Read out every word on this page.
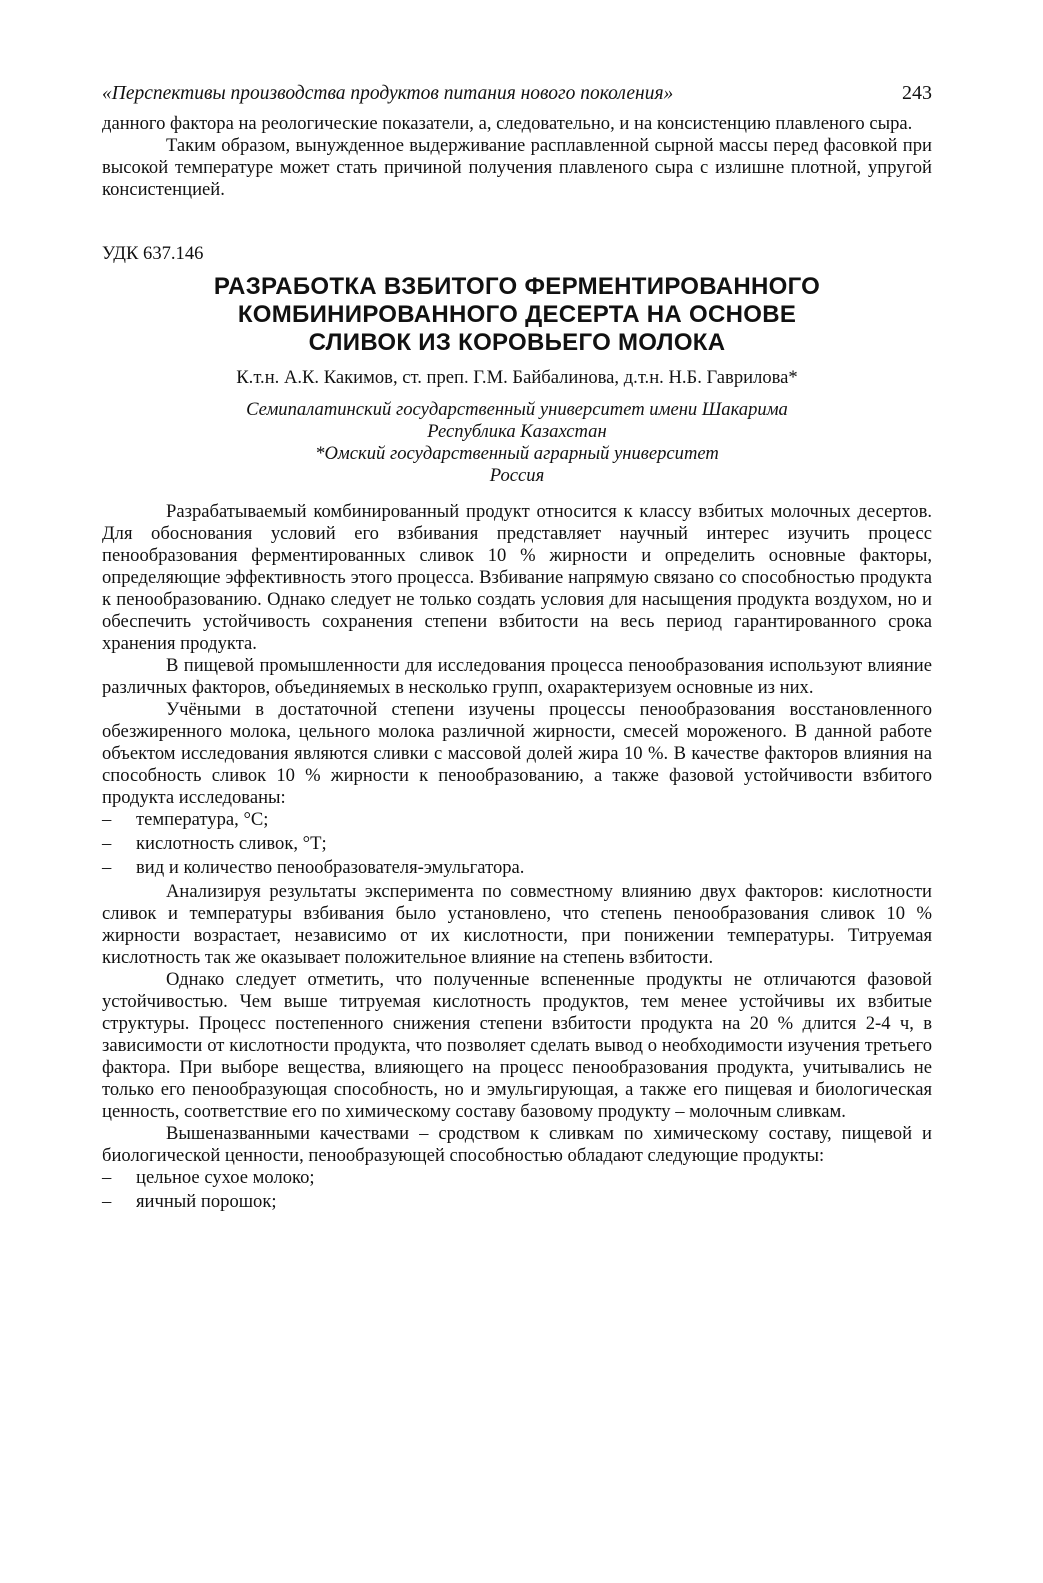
«Перспективы производства продуктов питания нового поколения»	243

данного фактора на реологические показатели, а, следовательно, и на консистенцию плавленого сыра.

Таким образом, вынужденное выдерживание расплавленной сырной массы перед фасовкой при высокой температуре может стать причиной получения плавленого сыра с излишне плотной, упругой консистенцией.

УДК 637.146
РАЗРАБОТКА ВЗБИТОГО ФЕРМЕНТИРОВАННОГО
КОМБИНИРОВАННОГО ДЕСЕРТА НА ОСНОВЕ
СЛИВОК ИЗ КОРОВЬЕГО МОЛОКА
К.т.н. А.К. Какимов, ст. преп. Г.М. Байбалинова, д.т.н. Н.Б. Гаврилова*
Семипалатинский государственный университет имени Шакарима
Республика Казахстан
*Омский государственный аграрный университет
Россия

Разрабатываемый комбинированный продукт относится к классу взбитых молочных десертов. Для обоснования условий его взбивания представляет научный интерес изучить процесс пенообразования ферментированных сливок 10 % жирности и определить основные факторы, определяющие эффективность этого процесса. Взбивание напрямую связано со способностью продукта к пенообразованию. Однако следует не только создать условия для насыщения продукта воздухом, но и обеспечить устойчивость сохранения степени взбитости на весь период гарантированного срока хранения продукта.

В пищевой промышленности для исследования процесса пенообразования используют влияние различных факторов, объединяемых в несколько групп, охарактеризуем основные из них.

Учёными в достаточной степени изучены процессы пенообразования восстановленного обезжиренного молока, цельного молока различной жирности, смесей мороженого. В данной работе объектом исследования являются сливки с массовой долей жира 10 %. В качестве факторов влияния на способность сливок 10 % жирности к пенообразованию, а также фазовой устойчивости взбитого продукта исследованы:

–	температура, °С;
–	кислотность сливок, °Т;
–	вид и количество пенообразователя-эмульгатора.

Анализируя результаты эксперимента по совместному влиянию двух факторов: кислотности сливок и температуры взбивания было установлено, что степень пенообразования сливок 10 % жирности возрастает, независимо от их кислотности, при понижении температуры. Титруемая кислотность так же оказывает положительное влияние на степень взбитости.

Однако следует отметить, что полученные вспененные продукты не отличаются фазовой устойчивостью. Чем выше титруемая кислотность продуктов, тем менее устойчивы их взбитые структуры. Процесс постепенного снижения степени взбитости продукта на 20 % длится 2-4 ч, в зависимости от кислотности продукта, что позволяет сделать вывод о необходимости изучения третьего фактора. При выборе вещества, влияющего на процесс пенообразования продукта, учитывались не только его пенообразующая способность, но и эмульгирующая, а также его пищевая и биологическая ценность, соответствие его по химическому составу базовому продукту – молочным сливкам.

Вышеназванными качествами – сродством к сливкам по химическому составу, пищевой и биологической ценности, пенообразующей способностью обладают следующие продукты:

–	цельное сухое молоко;
–	яичный порошок;
